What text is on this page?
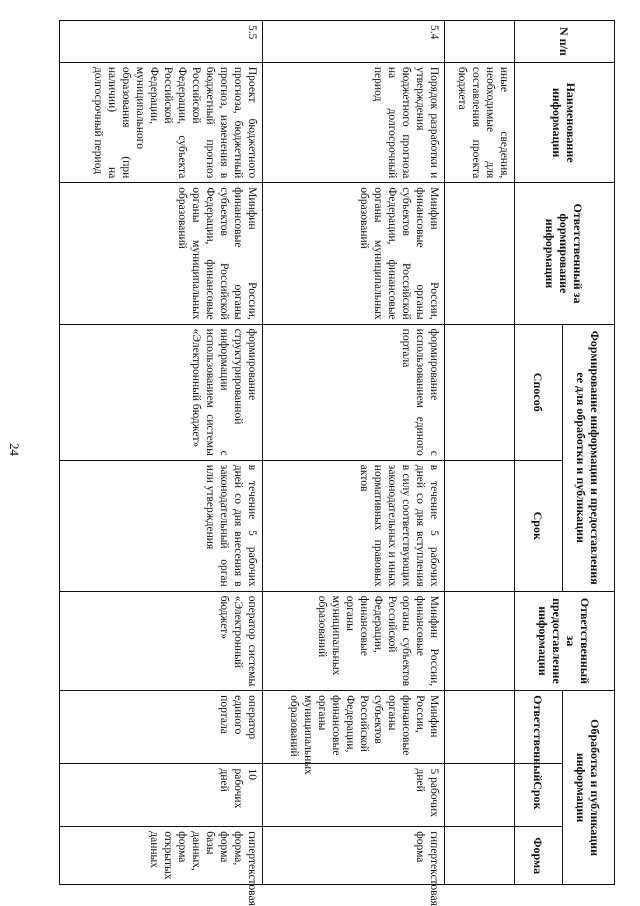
24
N п/п	Наименование информации	Ответственный за формирование информации	Формирование информации и предоставления ее для обработки и публикации		Ответственный за предоставление информации	Обработка и публикации информации		
			Способ	Срок		Ответственный	Срок	Форма
	иные сведения, необходимые для составления проекта бюджета							
5.4	Порядок разработки и утверждения бюджетного прогноза на долгосрочный период	Минфин России, финансовые органы субъектов Российской Федерации, финансовые органы муниципальных образований	формирование с использованием единого портала	в течение 5 рабочих дней со дня вступления в силу соответствующих законодательных и иных нормативных правовых актов	Минфин России, финансовые органы субъектов Российской Федерации, финансовые органы муниципальных образований	Минфин России, финансовые органы субъектов Российской Федерации, финансовые органы муниципальных образований	5 рабочих дней	гипертекстовая форма
5.5	Проект бюджетного прогноза, бюджетный прогноз, изменения в бюджетный прогноз Российской Федерации, субъекта Российской Федерации, муниципального образования (при наличии) на долгосрочный период	Минфин России, финансовые органы субъектов Российской Федерации, финансовые органы муниципальных образований	формирование структурированной информации с использованием системы «Электронный бюджет»	в течение 5 рабочих дней со дня внесения в законодательный орган или утверждения	оператор системы «Электронный бюджет»	оператор единого портала	10 рабочих дней	гипертекстовая форма, форма базы данных, форма открытых данных
